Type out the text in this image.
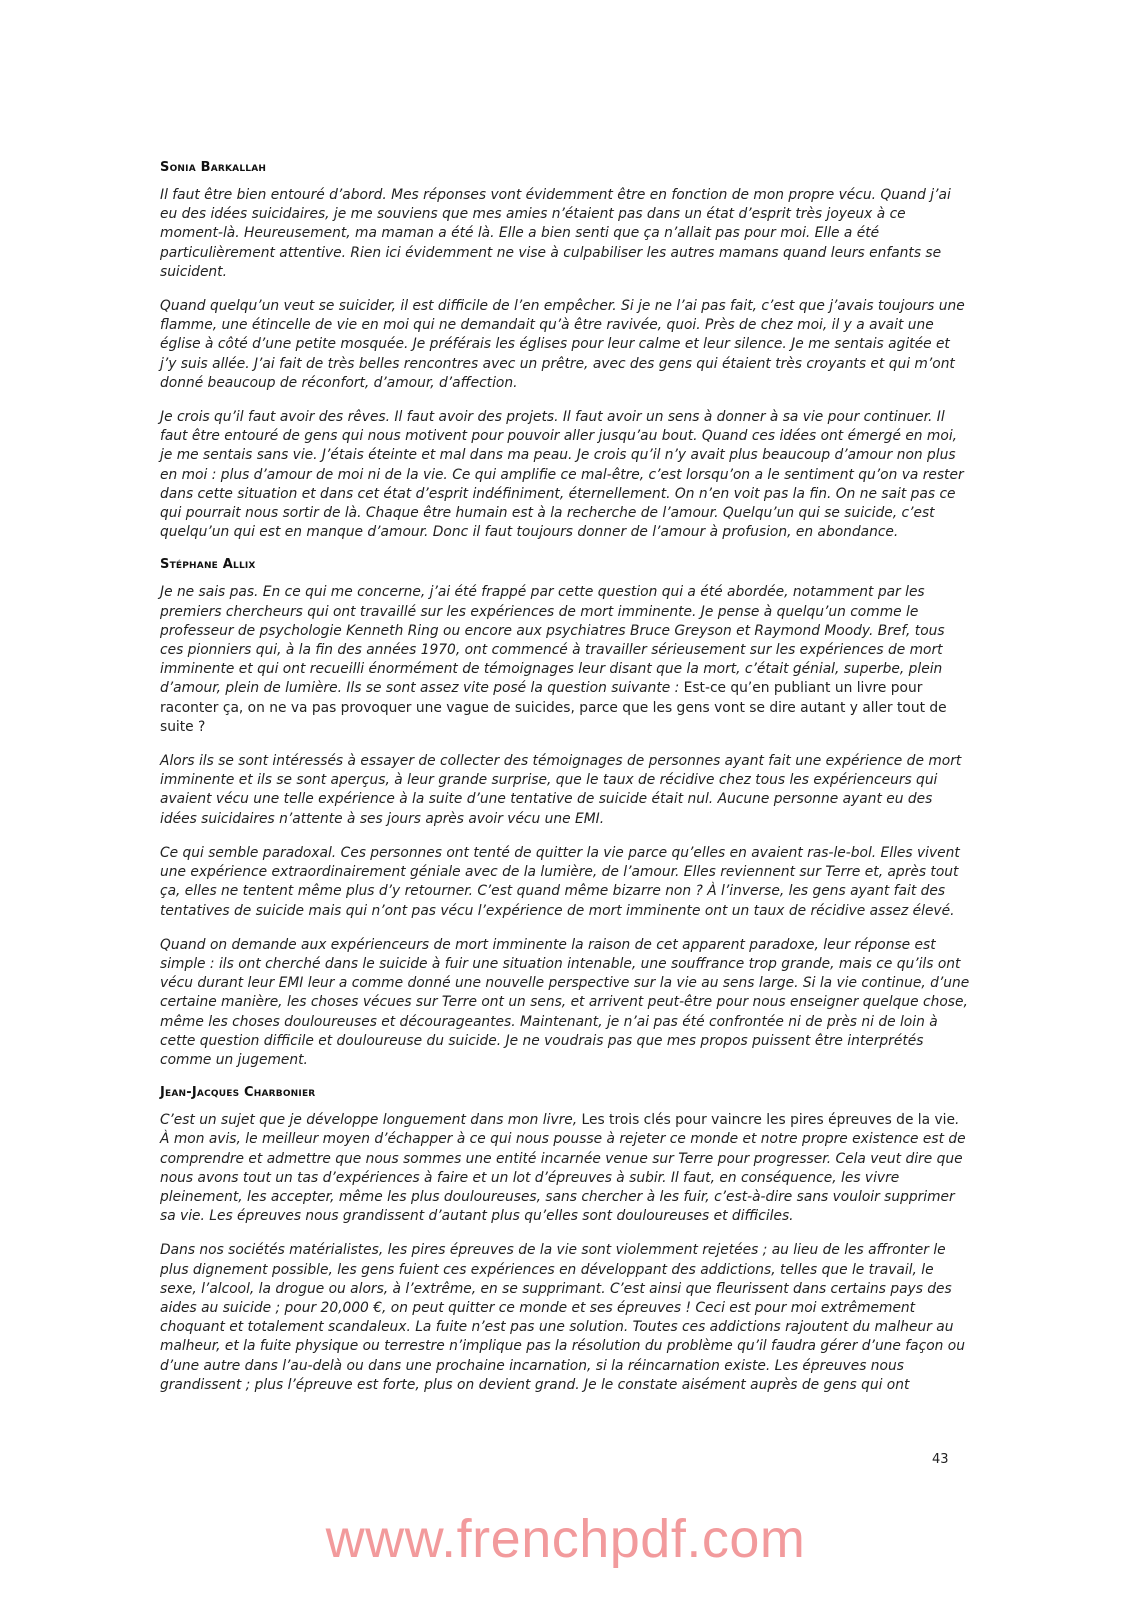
Sonia Barkallah

Il faut être bien entouré d’abord. Mes réponses vont évidemment être en fonction de mon propre vécu. Quand j’ai eu des idées suicidaires, je me souviens que mes amies n’étaient pas dans un état d’esprit très joyeux à ce moment-là. Heureusement, ma maman a été là. Elle a bien senti que ça n’allait pas pour moi. Elle a été particulièrement attentive. Rien ici évidemment ne vise à culpabiliser les autres mamans quand leurs enfants se suicident.

Quand quelqu’un veut se suicider, il est difficile de l’en empêcher. Si je ne l’ai pas fait, c’est que j’avais toujours une flamme, une étincelle de vie en moi qui ne demandait qu’à être ravivée, quoi. Près de chez moi, il y a avait une église à côté d’une petite mosquée. Je préférais les églises pour leur calme et leur silence. Je me sentais agitée et j’y suis allée. J’ai fait de très belles rencontres avec un prêtre, avec des gens qui étaient très croyants et qui m’ont donné beaucoup de réconfort, d’amour, d’affection.

Je crois qu’il faut avoir des rêves. Il faut avoir des projets. Il faut avoir un sens à donner à sa vie pour continuer. Il faut être entouré de gens qui nous motivent pour pouvoir aller jusqu’au bout. Quand ces idées ont émergé en moi, je me sentais sans vie. J’étais éteinte et mal dans ma peau. Je crois qu’il n’y avait plus beaucoup d’amour non plus en moi : plus d’amour de moi ni de la vie. Ce qui amplifie ce mal-être, c’est lorsqu’on a le sentiment qu’on va rester dans cette situation et dans cet état d’esprit indéfiniment, éternellement. On n’en voit pas la fin. On ne sait pas ce qui pourrait nous sortir de là. Chaque être humain est à la recherche de l’amour. Quelqu’un qui se suicide, c’est quelqu’un qui est en manque d’amour. Donc il faut toujours donner de l’amour à profusion, en abondance.

Stéphane Allix

Je ne sais pas. En ce qui me concerne, j’ai été frappé par cette question qui a été abordée, notamment par les premiers chercheurs qui ont travaillé sur les expériences de mort imminente. Je pense à quelqu’un comme le professeur de psychologie Kenneth Ring ou encore aux psychiatres Bruce Greyson et Raymond Moody. Bref, tous ces pionniers qui, à la fin des années 1970, ont commencé à travailler sérieusement sur les expériences de mort imminente et qui ont recueilli énormément de témoignages leur disant que la mort, c’était génial, superbe, plein d’amour, plein de lumière. Ils se sont assez vite posé la question suivante : Est-ce qu’en publiant un livre pour raconter ça, on ne va pas provoquer une vague de suicides, parce que les gens vont se dire autant y aller tout de suite ?

Alors ils se sont intéressés à essayer de collecter des témoignages de personnes ayant fait une expérience de mort imminente et ils se sont aperçus, à leur grande surprise, que le taux de récidive chez tous les expérienceurs qui avaient vécu une telle expérience à la suite d’une tentative de suicide était nul. Aucune personne ayant eu des idées suicidaires n’attente à ses jours après avoir vécu une EMI.

Ce qui semble paradoxal. Ces personnes ont tenté de quitter la vie parce qu’elles en avaient ras-le-bol. Elles vivent une expérience extraordinairement géniale avec de la lumière, de l’amour. Elles reviennent sur Terre et, après tout ça, elles ne tentent même plus d’y retourner. C’est quand même bizarre non ? À l’inverse, les gens ayant fait des tentatives de suicide mais qui n’ont pas vécu l’expérience de mort imminente ont un taux de récidive assez élevé.

Quand on demande aux expérienceurs de mort imminente la raison de cet apparent paradoxe, leur réponse est simple : ils ont cherché dans le suicide à fuir une situation intenable, une souffrance trop grande, mais ce qu’ils ont vécu durant leur EMI leur a comme donné une nouvelle perspective sur la vie au sens large. Si la vie continue, d’une certaine manière, les choses vécues sur Terre ont un sens, et arrivent peut-être pour nous enseigner quelque chose, même les choses douloureuses et décourageantes. Maintenant, je n’ai pas été confrontée ni de près ni de loin à cette question difficile et douloureuse du suicide. Je ne voudrais pas que mes propos puissent être interprétés comme un jugement.

Jean-Jacques Charbonier

C’est un sujet que je développe longuement dans mon livre, Les trois clés pour vaincre les pires épreuves de la vie. À mon avis, le meilleur moyen d’échapper à ce qui nous pousse à rejeter ce monde et notre propre existence est de comprendre et admettre que nous sommes une entité incarnée venue sur Terre pour progresser. Cela veut dire que nous avons tout un tas d’expériences à faire et un lot d’épreuves à subir. Il faut, en conséquence, les vivre pleinement, les accepter, même les plus douloureuses, sans chercher à les fuir, c’est-à-dire sans vouloir supprimer sa vie. Les épreuves nous grandissent d’autant plus qu’elles sont douloureuses et difficiles.

Dans nos sociétés matérialistes, les pires épreuves de la vie sont violemment rejetées ; au lieu de les affronter le plus dignement possible, les gens fuient ces expériences en développant des addictions, telles que le travail, le sexe, l’alcool, la drogue ou alors, à l’extrême, en se supprimant. C’est ainsi que fleurissent dans certains pays des aides au suicide ; pour 20,000 €, on peut quitter ce monde et ses épreuves ! Ceci est pour moi extrêmement choquant et totalement scandaleux. La fuite n’est pas une solution. Toutes ces addictions rajoutent du malheur au malheur, et la fuite physique ou terrestre n’implique pas la résolution du problème qu’il faudra gérer d’une façon ou d’une autre dans l’au-delà ou dans une prochaine incarnation, si la réincarnation existe. Les épreuves nous grandissent ; plus l’épreuve est forte, plus on devient grand. Je le constate aisément auprès de gens qui ont

43
www.frenchpdf.com
